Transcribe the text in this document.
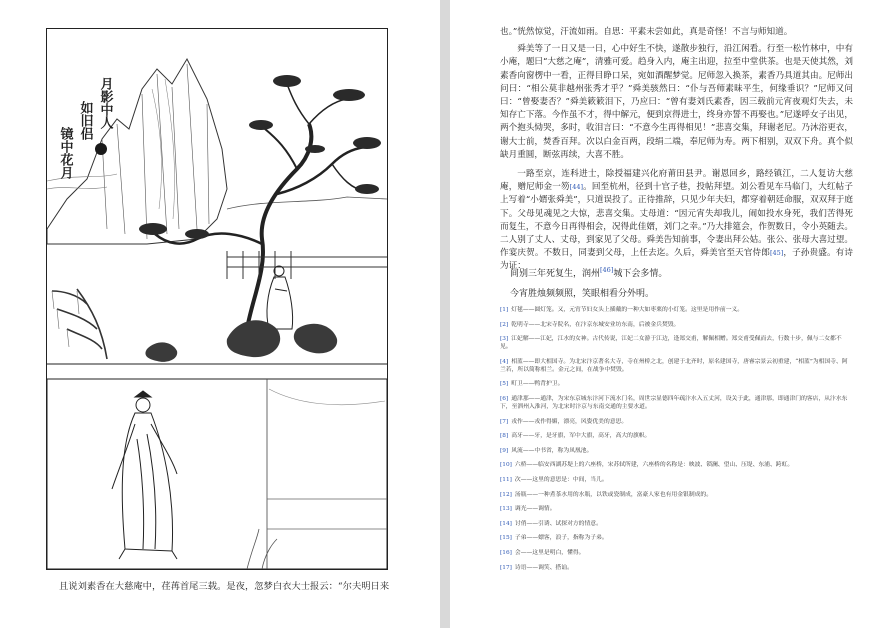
月影中人
如旧侣
镜中花月
且说刘素香在大慈庵中，荏苒首尾三载。是夜，忽梦白衣大士报云：“尔夫明日来

也。”恍然惊觉，汗流如雨。自思：平素未尝如此，真是奇怪！不言与师知道。

舜美等了一日又是一日，心中好生不快，遂散步独行，沿江闲看。行至一松竹林中，中有小庵，题曰“大慈之庵”，清雅可爱。趋身入内，庵主出迎，拉至中堂供茶。也是天使其然，刘素香向窗楞中一看，正得目睁口呆，宛如酒醒梦觉。尼师忽入换茶，素香乃具道其由。尼师出问曰：“相公莫非越州张秀才乎？”舜美骇然曰：“仆与吾师素昧平生，何缘垂识？”尼师又问曰：“曾娶妻否？”舜美簌簌泪下，乃应曰：“曾有妻刘氏素香，因三载前元宵夜观灯失去，未知存亡下落。今作虽不才，得中解元，便到京得进士，终身亦誓不再娶也。”尼遂呼女子出见，两个抱头恸哭，多时，收泪言曰：“不意今生再得相见！”悲喜交集，拜谢老尼。乃沐浴更衣，谢大士前，焚香百拜。次以白金百两，段绢二端，奉尼师为寿。两下相别，双双下舟。真个似缺月重圆，断弦再续，大喜不胜。

一路至京，连科进士，除授福建兴化府莆田县尹。谢恩回乡，路经镇江，二人复访大慈庵，赠尼师金一笏[44]。回至杭州，径到十官子巷，投帖拜望。刘公看见车马临门，大红帖子上写着“小婿张舜美”，只道误投了。正待推辞，只见少年夫妇，都穿着朝廷命服，双双拜于庭下。父母见魂见之大惊，悲喜交集。丈母道：“因元宵失却我儿，闹如投水身死，我们苦得死而复生，不意今日再得相会，况得此佳婿，刘门之幸。”乃大排筵会，作贺数日，令小英随去。二人别了丈人、丈母，到家见了父母。舜美告知前事，令妻出拜公姑。张公、张母大喜过望。作宴庆贺。不数日，同妻到父母，上任去迄。久后，舜美官至天官侍郎[45]，子孙贵盛。有诗为证：

间别三年死复生，润州[46]城下会多情。
今宵胜烛频频照，笑眼相看分外明。

[1] 灯毬——圆灯笼。又，元宵节妇女头上插戴的一种大如枣栗的小灯笼。这里是用作前一义。

[2] 乾明寺——北宋寺院名，在汴京东城安业坊东南，后被金兵焚毁。

[3] 江妃解——江妃，江水的女神。古代传说，江妃二女游于江边，逢郑交甫，解佩相赠。郑交甫受佩而去，行数十步，佩与二女都不见。

[4] 相蓝——即大相国寺。为北宋汴京著名大寺，寺在州桥之北，创建于北齐时，原名建国寺，唐睿宗景云初重建，“相蓝”为相国寺、阿兰若，所以简称相兰。金元之间，在战争中焚毁。

[5] 町卫——鸭背护卫。

[6] 通津那——通津，为宋东京城东汴河下流水门名，周世宗显德四年疏汴水入五丈河，设关于此，通津那，即通津门的客店，从汴水东下，至泗州入淮河，为北宋时汴京与东南交通的主要水道。

[7] 戎作——戎作得媚，漂亮，风姿优美的意思。

[8] 高牙——牙，是牙旗，军中大旗，高牙，高大的旗帜。

[9] 风流——中书省，称为凤凰池。

[10] 六桥——临安西湖苏堤上的六座桥，宋苏轼所建，六座桥的名称是：映波、锁澜、望山、压堤、东浦、跨虹。

[11] 次——这里的意思是：中间，当儿。

[12] 汤瓶——一种煮茶水用的水瓶，以铁或瓷制成，富豪人家也有用金银制成的。

[13] 调光——调情。

[14] 讨俏——引诱、试探对方的情意。

[15] 子弟——嫖客，浪子，指称为子弟。

[16] 会——这里是明白，懂得。

[17] 诗语——调笑、搭讪。
